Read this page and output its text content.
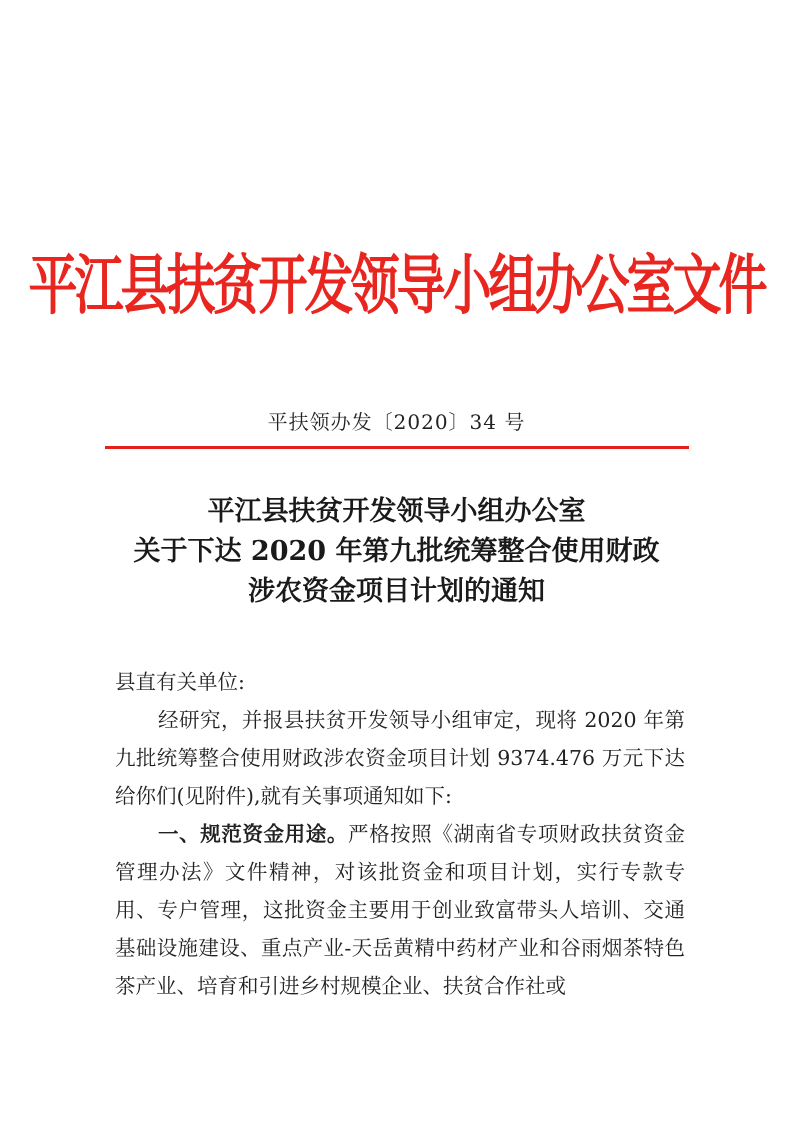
平江县扶贫开发领导小组办公室文件
平扶领办发〔2020〕34 号
平江县扶贫开发领导小组办公室
关于下达 2020 年第九批统筹整合使用财政
涉农资金项目计划的通知

县直有关单位:

经研究，并报县扶贫开发领导小组审定，现将 2020 年第九批统筹整合使用财政涉农资金项目计划 9374.476 万元下达给你们(见附件),就有关事项通知如下:

一、规范资金用途。严格按照《湖南省专项财政扶贫资金管理办法》文件精神，对该批资金和项目计划，实行专款专用、专户管理，这批资金主要用于创业致富带头人培训、交通基础设施建设、重点产业-天岳黄精中药材产业和谷雨烟茶特色茶产业、培育和引进乡村规模企业、扶贫合作社或
